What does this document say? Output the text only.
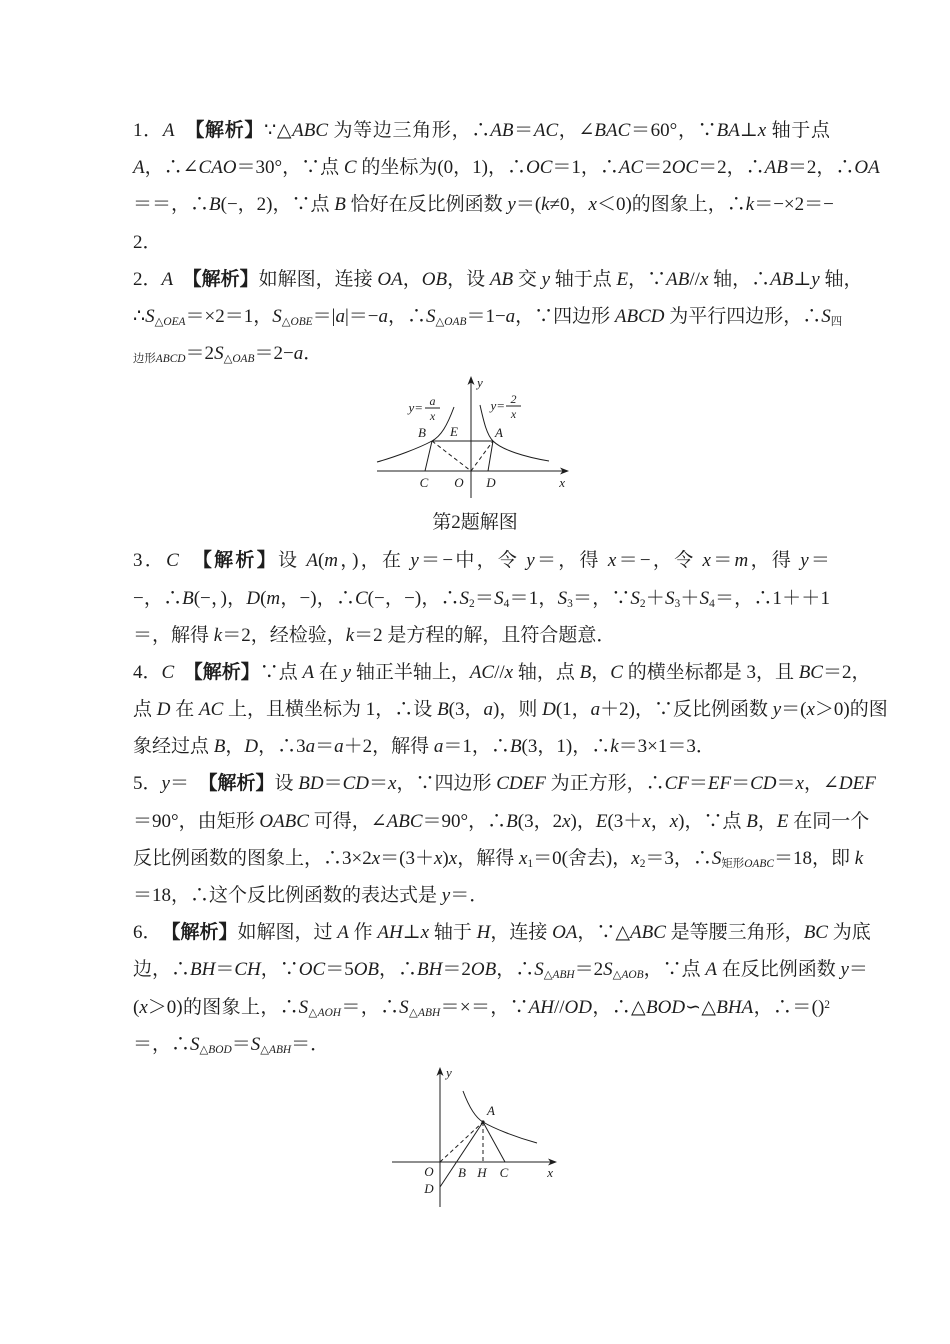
1．A　 【解析】∵△ABC 为等边三角形，∴AB＝AC，∠BAC＝60°，∵BA⊥x 轴于点
A，∴∠CAO＝30°，∵点 C 的坐标为(0，1)，∴OC＝1，∴AC＝2OC＝2，∴AB＝2，∴OA
＝＝，∴B(−，2)，∵点 B 恰好在反比例函数 y＝(k≠0，x＜0)的图象上，∴k＝−×2＝−
2．
2．A　 【解析】如解图，连接 OA，OB，设 AB 交 y 轴于点 E，∵AB//x 轴，∴AB⊥y 轴，
$\therefore S_{\triangle OEA}=\times 2=1$，$S_{\triangle OBE}=|a|=-a$，$\therefore S_{\triangle OAB}=1-a$，∵四边形 ABCD 为平行四边形，$\therefore S_四$
$_{边形ABCD}=2S_{\triangle OAB}=2-a$．
x
y
y= a
x
y= 2
x
B E	A
C O D
第2题解图
3．C　 【解析】设 A(m，)，在 y＝−中，令 y＝，得 x＝−，令 x＝m，得 y＝
−，∴B(−，)，D(m，−)，∴C(−，−)，$\therefore S_2=S_4=1$，$S_3=$，$\because S_2+S_3+S_4=$，∴1＋＋1
＝，解得 k＝2，经检验，k＝2 是方程的解，且符合题意．
4．C　 【解析】∵点 A 在 y 轴正半轴上，AC//x 轴，点 B，C 的横坐标都是 3，且 BC＝2，
点 D 在 AC 上，且横坐标为 1，∴设 B(3，a)，则 D(1，a＋2)，∵反比例函数 y＝(x＞0)的图
象经过点 B，D，∴3a＝a＋2，解得 a＝1，∴B(3，1)，∴k＝3×1＝3．
5．y＝　【解析】设 BD＝CD＝x，∵四边形 CDEF 为正方形，∴CF＝EF＝CD＝x，∠DEF
＝90°，由矩形 OABC 可得，∠ABC＝90°，∴B(3，2x)，E(3＋x，x)，∵点 B，E 在同一个
反比例函数的图象上，∴3×2x＝(3＋x)x，解得 $x_1=0$(舍去)，$x_2=3$，$\therefore S_{矩形OABC}=18$，即 k
＝18，∴这个反比例函数的表达式是 y＝．
6．　【解析】如解图，过 A 作 AH⊥x 轴于 H，连接 OA，∵△ABC 是等腰三角形，BC 为底
边，∴BH＝CH，∵OC＝5OB，∴BH＝2OB，$\therefore S_{\triangle ABH}=2S_{\triangle AOB}$，∵点 A 在反比例函数 y＝
(x＞0)的图象上，$\therefore S_{\triangle AOH}=$，$\therefore S_{\triangle ABH}=\times=$，∵AH//OD，∴△BOD∽△BHA，∴＝()$^2$
＝，$\therefore S_{\triangle BOD}=S_{\triangle ABH}=$．
x
y
A
O B H C
D
